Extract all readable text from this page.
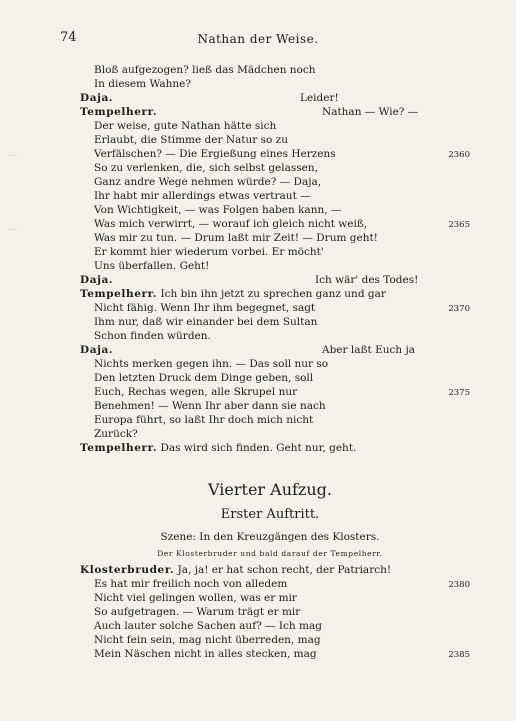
74	Nathan der Weise.
...
...
Bloß aufgezogen? ließ das Mädchen noch
In diesem Wahne?
Daja.	Leider!
Tempelherr.
Der weise, gute Nathan hätte sich
Nathan — Wie? —
Erlaubt, die Stimme der Natur so zu
Verfälschen? — Die Ergießung eines Herzens	2360
So zu verlenken, die, sich selbst gelassen,
Ganz andre Wege nehmen würde? — Daja,
Ihr habt mir allerdings etwas vertraut —
Von Wichtigkeit, — was Folgen haben kann, —
Was mich verwirrt, — worauf ich gleich nicht weiß,	2365
Was mir zu tun. — Drum laßt mir Zeit! — Drum geht!
Er kommt hier wiederum vorbei. Er möcht'
Uns überfallen. Geht!
Daja.	Ich wär' des Todes!
Tempelherr. Ich bin ihn jetzt zu sprechen ganz und gar
Nicht fähig. Wenn Ihr ihm begegnet, sagt	2370
Ihm nur, daß wir einander bei dem Sultan
Schon finden würden.
Daja.	Aber laßt Euch ja
Nichts merken gegen ihn. — Das soll nur so
Den letzten Druck dem Dinge geben, soll
Euch, Rechas wegen, alle Skrupel nur	2375
Benehmen! — Wenn Ihr aber dann sie nach
Europa führt, so laßt Ihr doch mich nicht
Zurück?
Tempelherr. Das wird sich finden. Geht nur, geht.
Vierter Aufzug.
Erster Auftritt.
Szene: In den Kreuzgängen des Klosters.
Der Klosterbruder und bald darauf der Tempelherr.
Klosterbruder. Ja, ja! er hat schon recht, der Patriarch!
Es hat mir freilich noch von alledem	2380
Nicht viel gelingen wollen, was er mir
So aufgetragen. — Warum trägt er mir
Auch lauter solche Sachen auf? — Ich mag
Nicht fein sein, mag nicht überreden, mag
Mein Näschen nicht in alles stecken, mag	2385
